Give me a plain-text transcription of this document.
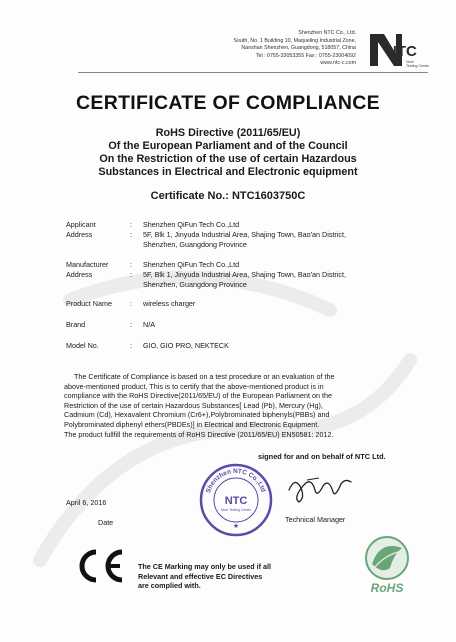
Shenzhen NTC Co., Ltd.
South, No. 1 Building 10, Maqueling Industrial Zone,
Nanshan Shenzhen, Guangdong, 518057, China
Tel : 0755-33053355 Fax : 0755-23004092
www.ntc-c.com
NTC
Nore
Testing Center
CERTIFICATE OF COMPLIANCE
RoHS Directive (2011/65/EU)
Of the European Parliament and of the Council
On the Restriction of the use of certain Hazardous
Substances in Electrical and Electronic equipment
Certificate No.: NTC1603750C
Applicant	: Shenzhen QiFun Tech Co.,Ltd
Address	: 5F, Blk 1, Jinyuda Industrial Area, Shajing Town, Bao'an District,
Shenzhen, Guangdong Province
Manufacturer	: Shenzhen QiFun Tech Co.,Ltd
Address	: 5F, Blk 1, Jinyuda Industrial Area, Shajing Town, Bao'an District,
Shenzhen, Guangdong Province
Product Name	: wireless charger
Brand	: N/A
Model No.	: GIO, GIO PRO, NEKTECK
The Certificate of Compliance is based on a test procedure or an evaluation of the
above-mentioned product, This is to certify that the above-mentioned product is in
compliance with the RoHS Directive(2011/65/EU) of the European Parliament on the
Restriction of the use of certain Hazardous Substances[ Lead (Pb), Mercury (Hg),
Cadmium (Cd), Hexavalent Chromium (Cr6+),Polybrominated biphenyls(PBBs) and
Polybrominated diphenyl ethers(PBDEs)] in Electrical and Electronic Equipment.
The product fullfill the requirements of RoHS Directive (2011/65/EU) EN50581: 2012.
signed for and on behalf of NTC Ltd.
Technical Manager
April 6, 2016
Date
Shenzhen NTC Co.,Ltd
NTC
Nore Testing Center
★
The CE Marking may only be used if all
Relevant and effective EC Directives
are complied with.	RoHS
